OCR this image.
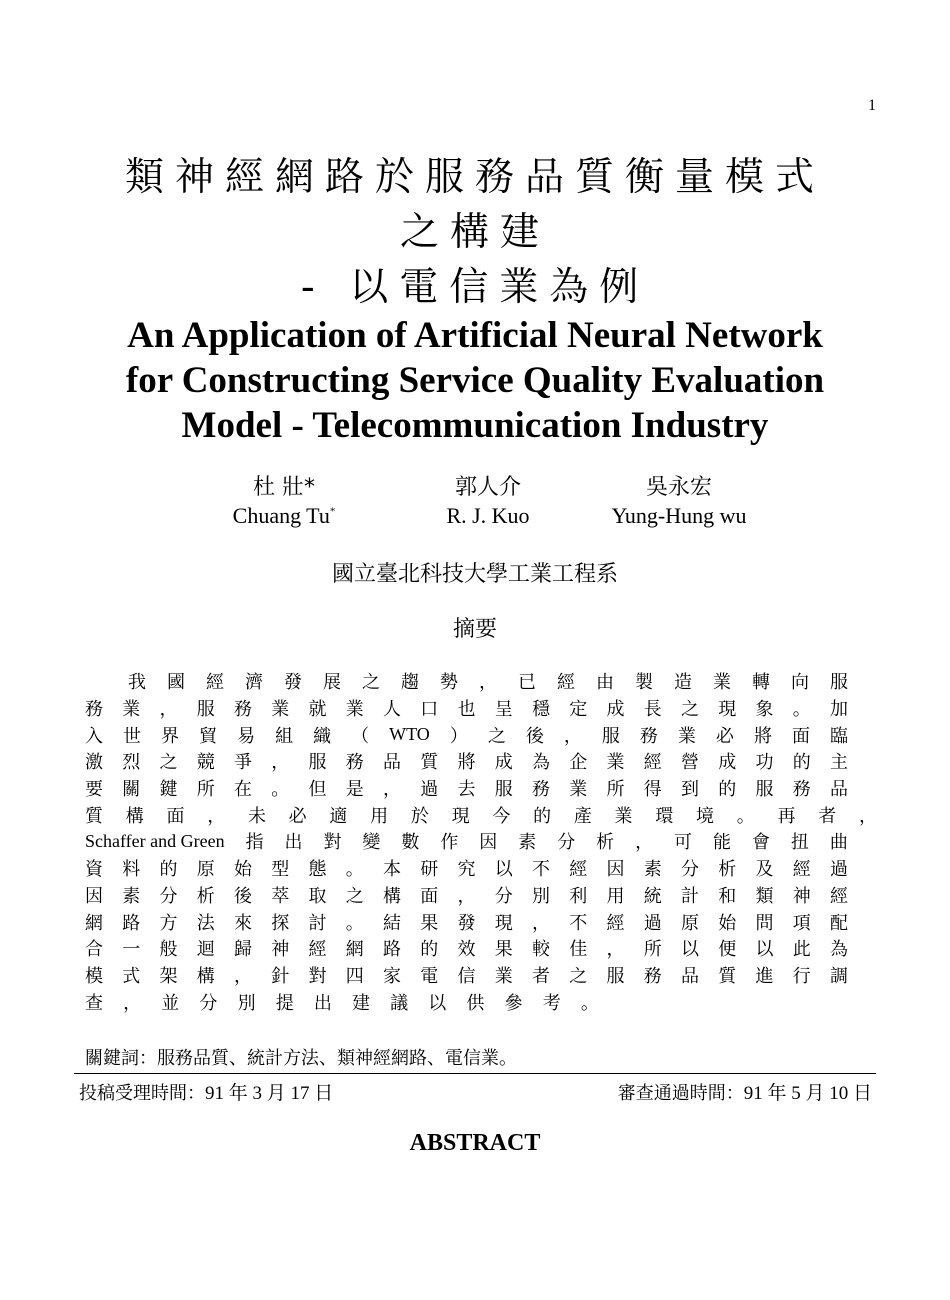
1
類神經網路於服務品質衡量模式
之構建
- 以電信業為例
An Application of Artificial Neural Network
for Constructing Service Quality Evaluation
Model - Telecommunication Industry
杜 壯*
Chuang Tu*
郭人介
R. J. Kuo
吳永宏
Yung-Hung wu
國立臺北科技大學工業工程系
摘要
我 國 經 濟 發 展 之 趨 勢 ， 已 經 由 製 造 業 轉 向 服
務 業 ， 服 務 業 就 業 人 口 也 呈 穩 定 成 長 之 現 象 。 加
入 世 界 貿 易 組 織 （ WTO ） 之 後 ， 服 務 業 必 將 面 臨
激 烈 之 競 爭 ， 服 務 品 質 將 成 為 企 業 經 營 成 功 的 主
要 關 鍵 所 在 。 但 是 ， 過 去 服 務 業 所 得 到 的 服 務 品
質 構 面 ， 未 必 適 用 於 現 今 的 產 業 環 境 。 再 者 ，
Schaffer and Green 指 出 對 變 數 作 因 素 分 析 ， 可 能 會 扭 曲
資 料 的 原 始 型 態 。 本 研 究 以 不 經 因 素 分 析 及 經 過
因 素 分 析 後 萃 取 之 構 面 ， 分 別 利 用 統 計 和 類 神 經
網 路 方 法 來 探 討 。 結 果 發 現 ， 不 經 過 原 始 問 項 配
合 一 般 迴 歸 神 經 網 路 的 效 果 較 佳 ， 所 以 便 以 此 為
模 式 架 構 ， 針 對 四 家 電 信 業 者 之 服 務 品 質 進 行 調
查 ， 並 分 別 提 出 建 議 以 供 參 考 。
關鍵詞：服務品質、統計方法、類神經網路、電信業。
投稿受理時間：91 年 3 月 17 日	審查通過時間：91 年 5 月 10 日
ABSTRACT
